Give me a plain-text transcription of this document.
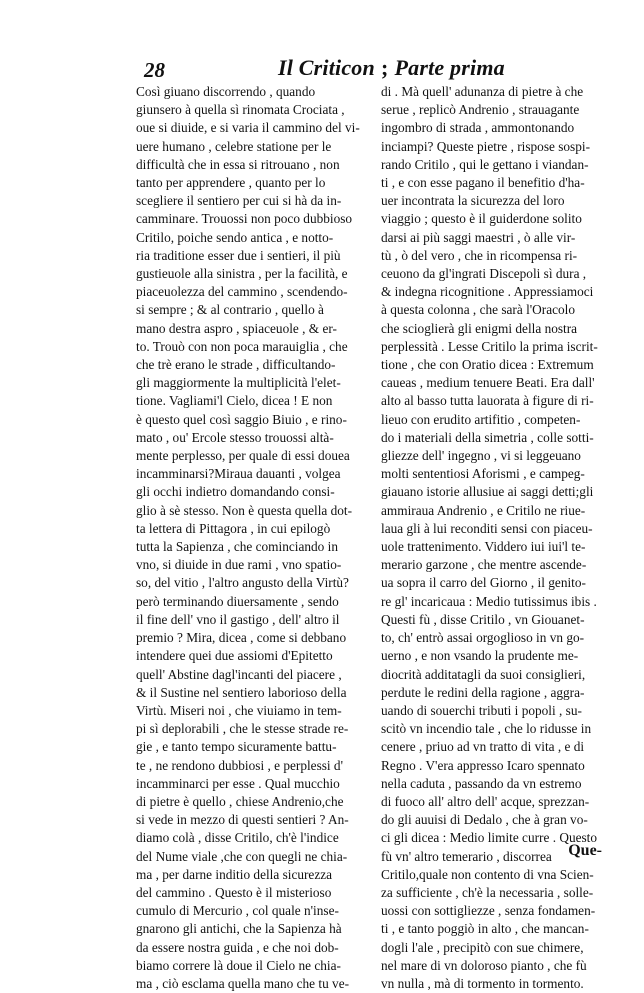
28	Il Criticon ; Parte prima
Così giuano discorrendo , quando
giunsero à quella sì rinomata Crociata ,
oue si diuide, e si varia il cammino del vi-
uere humano , celebre statione per le
difficultà che in essa si ritrouano , non
tanto per apprendere , quanto per lo
scegliere il sentiero per cui si hà da in-
camminare. Trouossi non poco dubbioso
Critilo, poiche sendo antica , e notto-
ria traditione esser due i sentieri, il più
gustieuole alla sinistra , per la facilità, e
piaceuolezza del cammino , scendendo-
si sempre ; & al contrario , quello à
mano destra aspro , spiaceuole , & er-
to. Trouò con non poca marauiglia , che
che trè erano le strade , difficultando-
gli maggiormente la multiplicità l'elet-
tione. Vagliami'l Cielo, dicea ! E non
è questo quel così saggio Biuio , e rino-
mato , ou' Ercole stesso trouossi altà-
mente perplesso, per quale di essi douea
incamminarsi?Miraua dauanti , volgea
gli occhi indietro domandando consi-
glio à sè stesso. Non è questa quella dot-
ta lettera di Pittagora , in cui epilogò
tutta la Sapienza , che cominciando in
vno, si diuide in due rami , vno spatio-
so, del vitio , l'altro angusto della Virtù?
però terminando diuersamente , sendo
il fine dell' vno il gastigo , dell' altro il
premio ? Mira, dicea , come si debbano
intendere quei due assiomi d'Epitetto
quell' Abstine dagl'incanti del piacere ,
& il Sustine nel sentiero laborioso della
Virtù. Miseri noi , che viuiamo in tem-
pi sì deplorabili , che le stesse strade re-
gie , e tanto tempo sicuramente battu-
te , ne rendono dubbiosi , e perplessi d'
incamminarci per esse . Qual mucchio
di pietre è quello , chiese Andrenio,che
si vede in mezzo di questi sentieri ? An-
diamo colà , disse Critilo, ch'è l'indice
del Nume viale ,che con quegli ne chia-
ma , per darne inditio della sicurezza
del cammino . Questo è il misterioso
cumulo di Mercurio , col quale n'inse-
gnarono gli antichi, che la Sapienza hà
da essere nostra guida , e che noi dob-
biamo correre là doue il Cielo ne chia-
ma , ciò esclama quella mano che tu ve-
di . Mà quell' adunanza di pietre à che
serue , replicò Andrenio , strauagante
ingombro di strada , ammontonando
inciampi? Queste pietre , rispose sospi-
rando Critilo , qui le gettano i viandan-
ti , e con esse pagano il benefitio d'ha-
uer incontrata la sicurezza del loro
viaggio ; questo è il guiderdone solito
darsi ai più saggi maestri , ò alle vir-
tù , ò del vero , che in ricompensa ri-
ceuono da gl'ingrati Discepoli sì dura ,
& indegna ricognitione . Appressiamoci
à questa colonna , che sarà l'Oracolo
che scioglierà gli enigmi della nostra
perplessità . Lesse Critilo la prima iscrit-
tione , che con Oratio dicea : Extremum
caueas , medium tenuere Beati. Era dall'
alto al basso tutta lauorata à figure di ri-
lieuo con erudito artifitio , competen-
do i materiali della simetria , colle sotti-
gliezze dell' ingegno , vi si leggeuano
molti sententiosi Aforismi , e campeg-
giauano istorie allusiue ai saggi detti;gli
ammiraua Andrenio , e Critilo ne riue-
laua gli à lui reconditi sensi con piaceu-
uole trattenimento. Viddero iui iui'l te-
merario garzone , che mentre ascende-
ua sopra il carro del Giorno , il genito-
re gl' incaricaua : Medio tutissimus ibis .
Questi fù , disse Critilo , vn Giouanet-
to, ch' entrò assai orgoglioso in vn go-
uerno , e non vsando la prudente me-
diocrità additatagli da suoi consiglieri,
perdute le redini della ragione , aggra-
uando di souerchi tributi i popoli , su-
scitò vn incendio tale , che lo ridusse in
cenere , priuo ad vn tratto di vita , e di
Regno . V'era appresso Icaro spennato
nella caduta , passando da vn estremo
di fuoco all' altro dell' acque, sprezzan-
do gli auuisi di Dedalo , che à gran vo-
ci gli dicea : Medio limite curre . Questo
fù vn' altro temerario , discorrea
Critilo,quale non contento di vna Scien-
za sufficiente , ch'è la necessaria , solle-
uossi con sottigliezze , senza fondamen-
ti , e tanto poggiò in alto , che mancan-
dogli l'ale , precipitò con sue chimere,
nel mare di vn doloroso pianto , che fù
vn nulla , mà di tormento in tormento.
Que-
